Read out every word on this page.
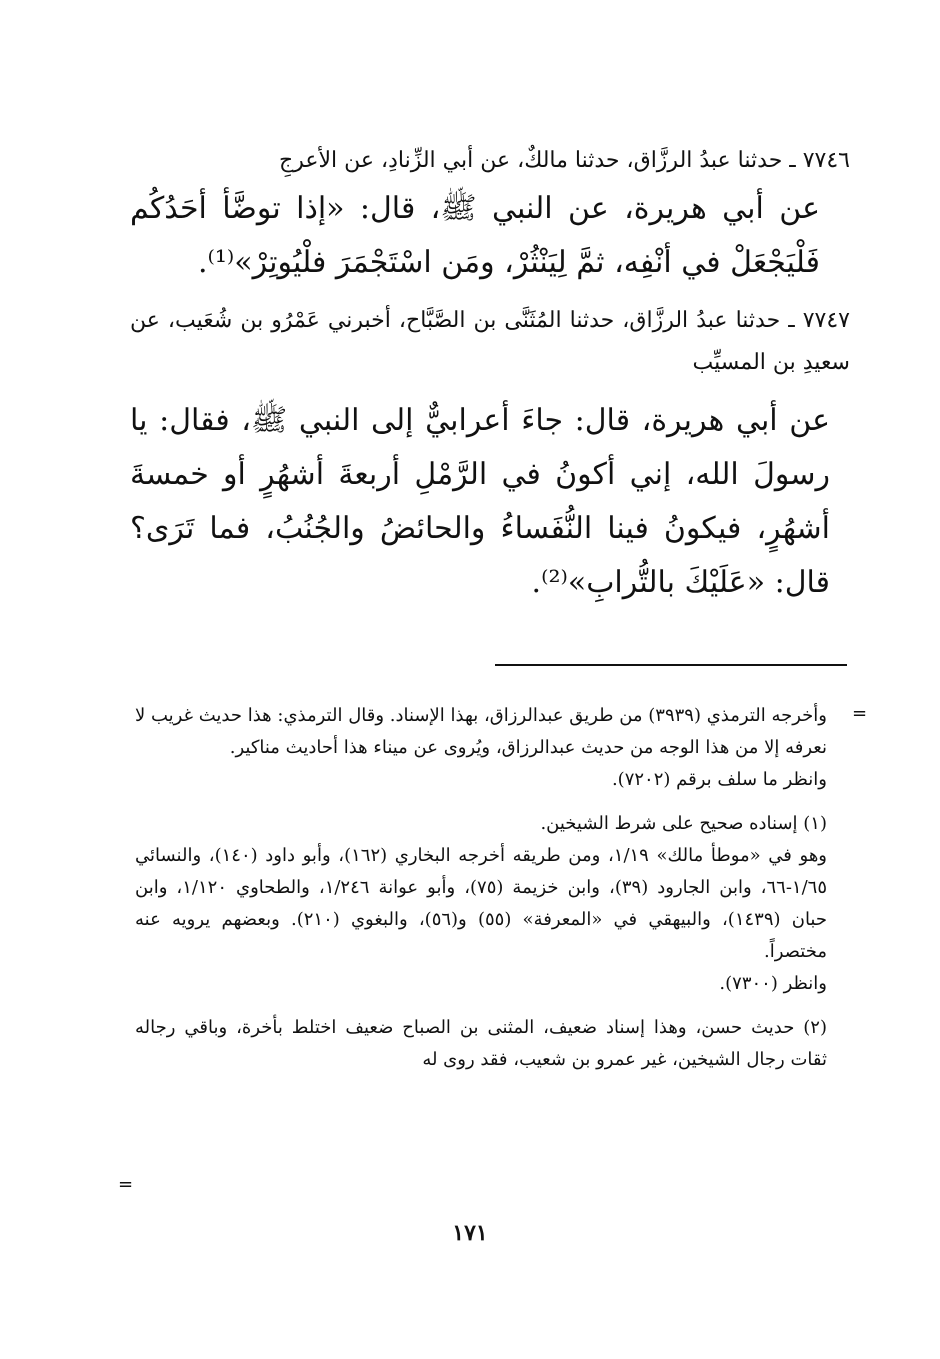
٧٧٤٦ ـ حدثنا عبدُ الرزَّاق، حدثنا مالكٌ، عن أبي الزِّنادِ، عن الأعرجِ

عن أبي هريرة، عن النبي ﷺ، قال: «إذا توضَّأ أحَدُكُم فَلْيَجْعَلْ في أنْفِه، ثمَّ لِيَنْثُرْ، ومَن اسْتَجْمَرَ فلْيُوتِرْ»⁽¹⁾.

٧٧٤٧ ـ حدثنا عبدُ الرزَّاق، حدثنا المُثَنَّى بن الصَّبَّاح، أخبرني عَمْرُو بن شُعَيب، عن سعيدِ بن المسيِّب

عن أبي هريرة، قال: جاءَ أعرابيٌّ إلى النبي ﷺ، فقال: يا رسولَ الله، إني أكونُ في الرَّمْلِ أربعةَ أشهُرٍ أو خمسةَ أشهُرٍ، فيكونُ فينا النُّفَساءُ والحائضُ والجُنُبُ، فما تَرَى؟ قال: «عَلَيْكَ بالتُّرابِ»⁽²⁾.

=

وأخرجه الترمذي (٣٩٣٩) من طريق عبدالرزاق، بهذا الإسناد. وقال الترمذي: هذا حديث غريب لا نعرفه إلا من هذا الوجه من حديث عبدالرزاق، ويُروى عن ميناء هذا أحاديث مناكير.

وانظر ما سلف برقم (٧٢٠٢).

(١) إسناده صحيح على شرط الشيخين.

وهو في «موطأ مالك» ١/١٩، ومن طريقه أخرجه البخاري (١٦٢)، وأبو داود (١٤٠)، والنسائي ١/٦٥-٦٦، وابن الجارود (٣٩)، وابن خزيمة (٧٥)، وأبو عوانة ١/٢٤٦، والطحاوي ١/١٢٠، وابن حبان (١٤٣٩)، والبيهقي في «المعرفة» (٥٥) و(٥٦)، والبغوي (٢١٠). وبعضهم يرويه عنه مختصراً.

وانظر (٧٣٠٠).

(٢) حديث حسن، وهذا إسناد ضعيف، المثنى بن الصباح ضعيف اختلط بأخرة، وباقي رجاله ثقات رجال الشيخين، غير عمرو بن شعيب، فقد روى له

=
١٧١
